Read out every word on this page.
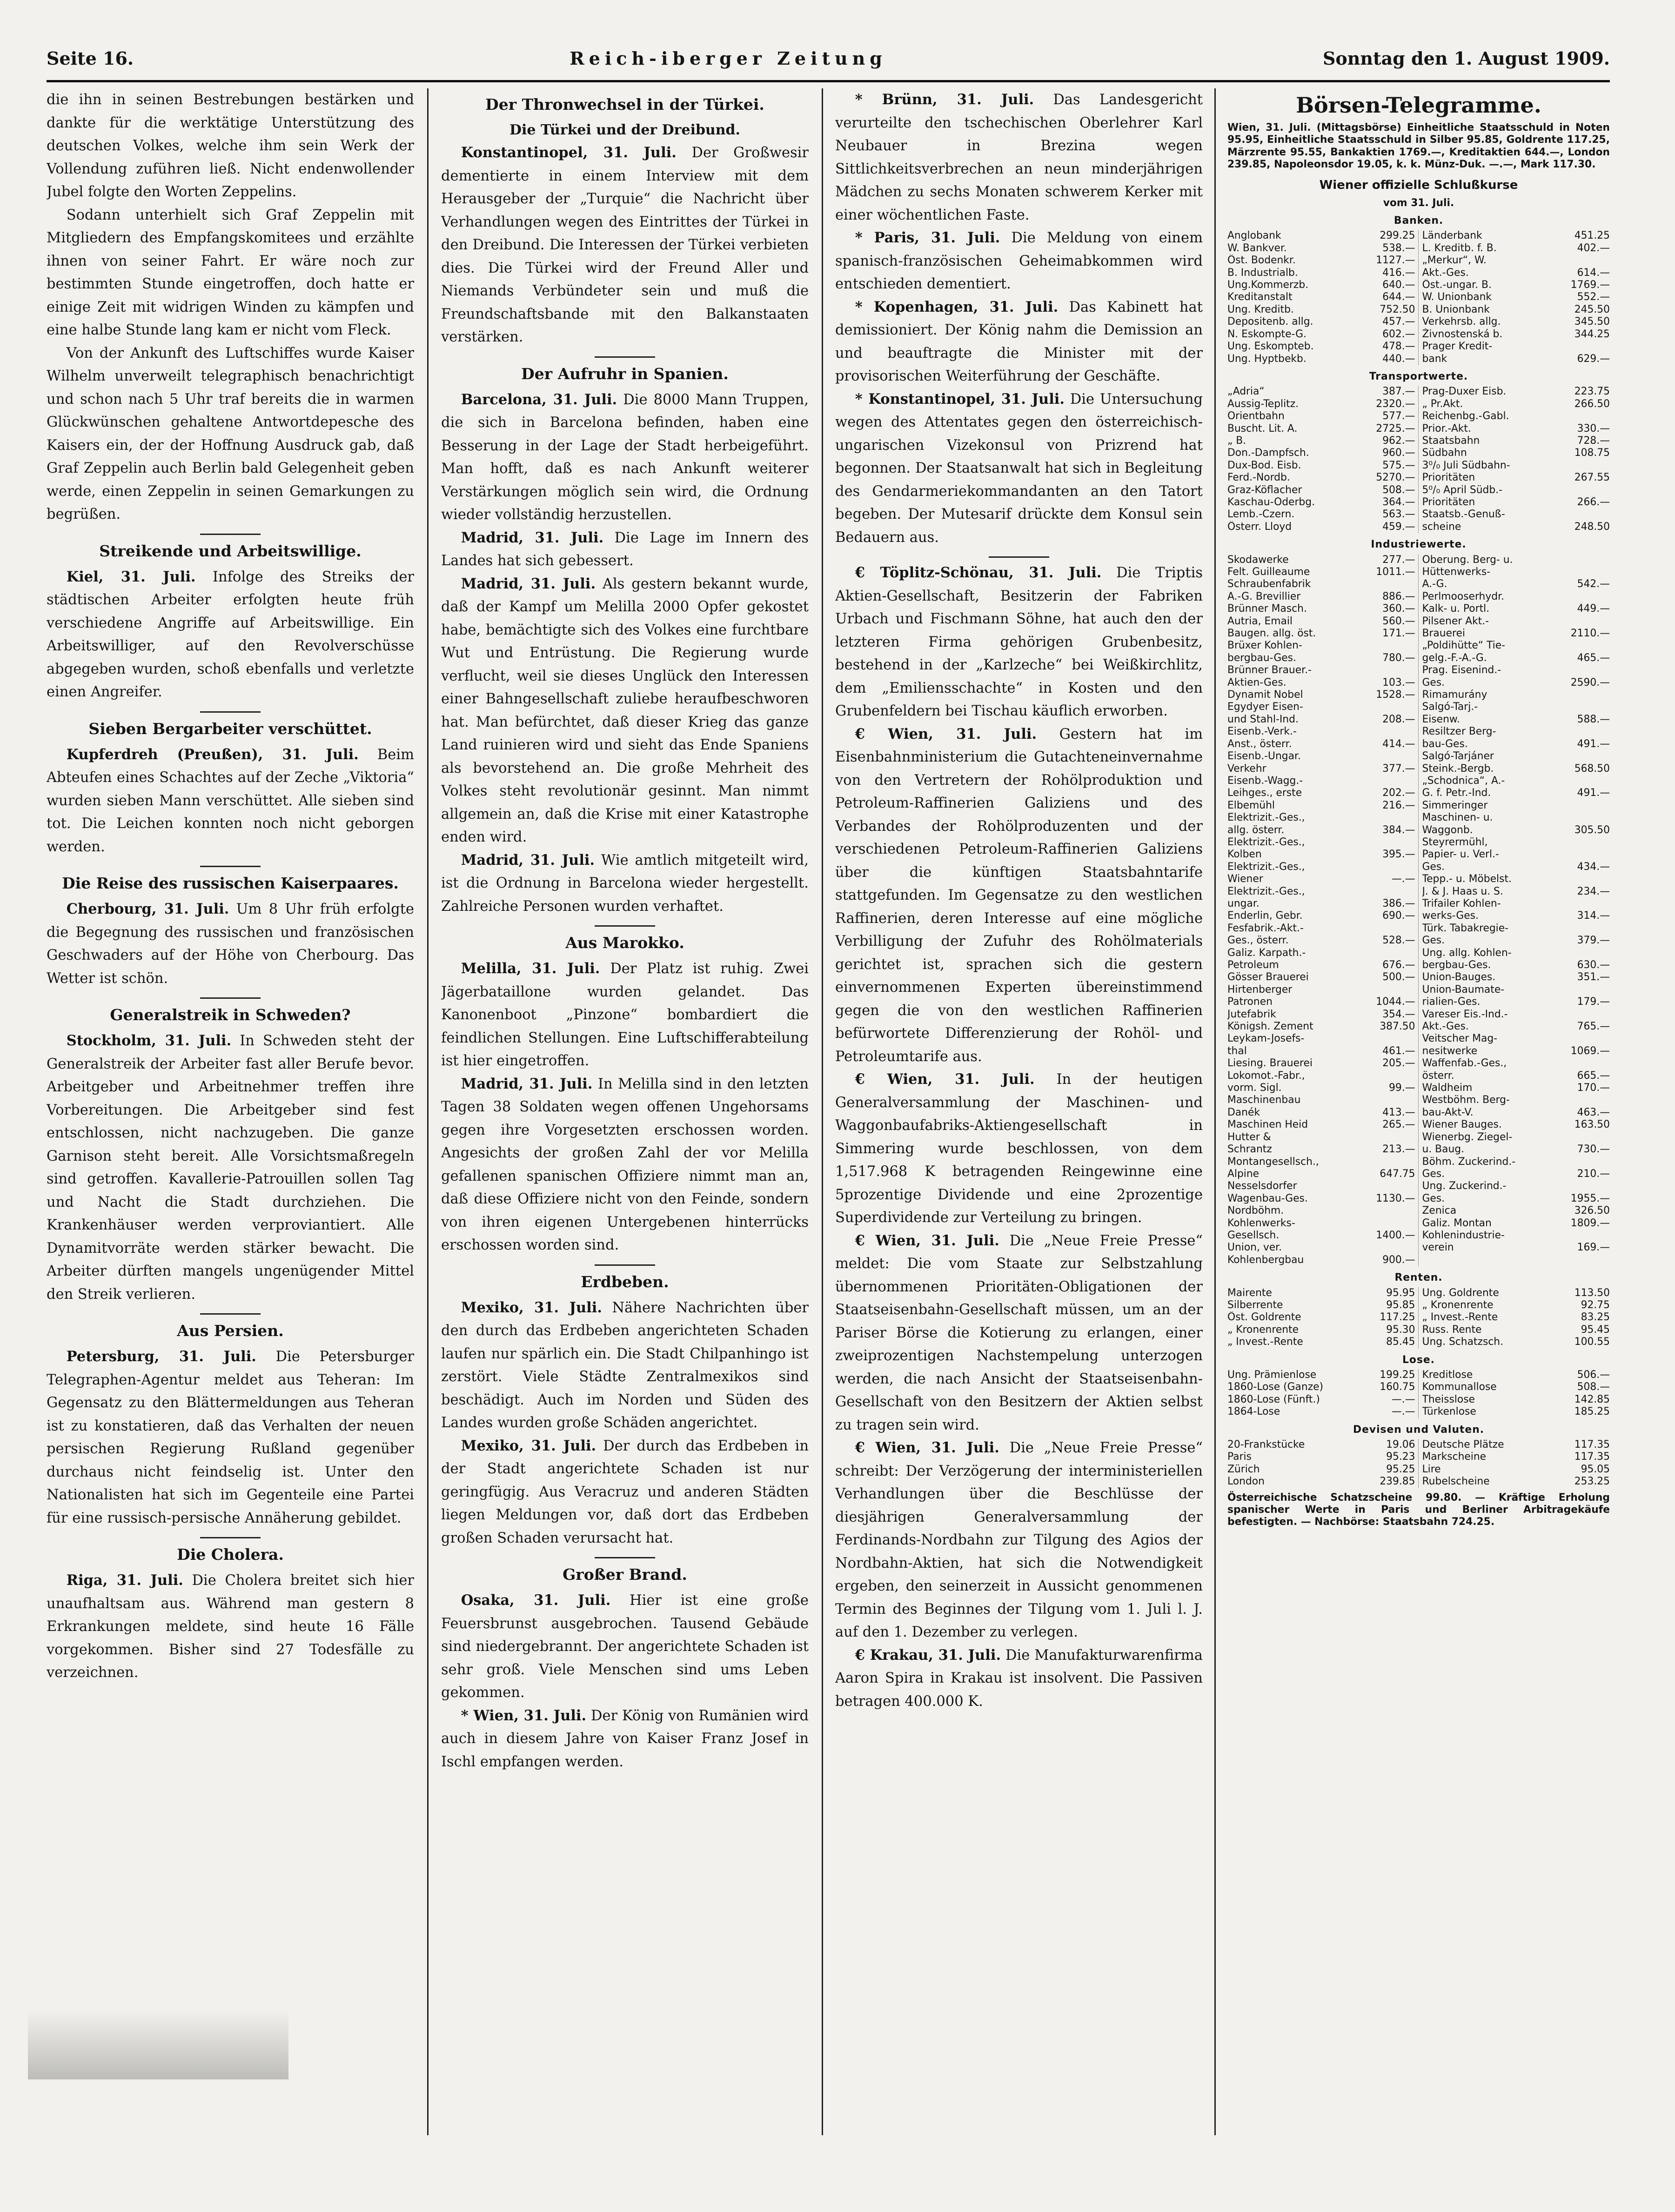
Seite 16.	Reich-iberger Zeitung	Sonntag den 1. August 1909.

die ihn in seinen Bestrebungen bestärken und dankte für die werktätige Unterstützung des deutschen Volkes, welche ihm sein Werk der Vollendung zuführen ließ. Nicht endenwollender Jubel folgte den Worten Zeppelins.

Sodann unterhielt sich Graf Zeppelin mit Mitgliedern des Empfangskomitees und erzählte ihnen von seiner Fahrt. Er wäre noch zur bestimmten Stunde eingetroffen, doch hatte er einige Zeit mit widrigen Winden zu kämpfen und eine halbe Stunde lang kam er nicht vom Fleck.

Von der Ankunft des Luftschiffes wurde Kaiser Wilhelm unverweilt telegraphisch benachrichtigt und schon nach 5 Uhr traf bereits die in warmen Glückwünschen gehaltene Antwortdepesche des Kaisers ein, der der Hoffnung Ausdruck gab, daß Graf Zeppelin auch Berlin bald Gelegenheit geben werde, einen Zeppelin in seinen Gemarkungen zu begrüßen.

Streikende und Arbeitswillige.

Kiel, 31. Juli. Infolge des Streiks der städtischen Arbeiter erfolgten heute früh verschiedene Angriffe auf Arbeitswillige. Ein Arbeitswilliger, auf den Revolverschüsse abgegeben wurden, schoß ebenfalls und verletzte einen Angreifer.

Sieben Bergarbeiter verschüttet.

Kupferdreh (Preußen), 31. Juli. Beim Abteufen eines Schachtes auf der Zeche „Viktoria“ wurden sieben Mann verschüttet. Alle sieben sind tot. Die Leichen konnten noch nicht geborgen werden.

Die Reise des russischen Kaiserpaares.

Cherbourg, 31. Juli. Um 8 Uhr früh erfolgte die Begegnung des russischen und französischen Geschwaders auf der Höhe von Cherbourg. Das Wetter ist schön.

Generalstreik in Schweden?

Stockholm, 31. Juli. In Schweden steht der Generalstreik der Arbeiter fast aller Berufe bevor. Arbeitgeber und Arbeitnehmer treffen ihre Vorbereitungen. Die Arbeitgeber sind fest entschlossen, nicht nachzugeben. Die ganze Garnison steht bereit. Alle Vorsichtsmaßregeln sind getroffen. Kavallerie-Patrouillen sollen Tag und Nacht die Stadt durchziehen. Die Krankenhäuser werden verproviantiert. Alle Dynamitvorräte werden stärker bewacht. Die Arbeiter dürften mangels ungenügender Mittel den Streik verlieren.

Aus Persien.

Petersburg, 31. Juli. Die Petersburger Telegraphen-Agentur meldet aus Teheran: Im Gegensatz zu den Blättermeldungen aus Teheran ist zu konstatieren, daß das Verhalten der neuen persischen Regierung Rußland gegenüber durchaus nicht feindselig ist. Unter den Nationalisten hat sich im Gegenteile eine Partei für eine russisch-persische Annäherung gebildet.

Die Cholera.

Riga, 31. Juli. Die Cholera breitet sich hier unaufhaltsam aus. Während man gestern 8 Erkrankungen meldete, sind heute 16 Fälle vorgekommen. Bisher sind 27 Todesfälle zu verzeichnen.

Der Thronwechsel in der Türkei.
Die Türkei und der Dreibund.

Konstantinopel, 31. Juli. Der Großwesir dementierte in einem Interview mit dem Herausgeber der „Turquie“ die Nachricht über Verhandlungen wegen des Eintrittes der Türkei in den Dreibund. Die Interessen der Türkei verbieten dies. Die Türkei wird der Freund Aller und Niemands Verbündeter sein und muß die Freundschaftsbande mit den Balkanstaaten verstärken.

Der Aufruhr in Spanien.

Barcelona, 31. Juli. Die 8000 Mann Truppen, die sich in Barcelona befinden, haben eine Besserung in der Lage der Stadt herbeigeführt. Man hofft, daß es nach Ankunft weiterer Verstärkungen möglich sein wird, die Ordnung wieder vollständig herzustellen.

Madrid, 31. Juli. Die Lage im Innern des Landes hat sich gebessert.

Madrid, 31. Juli. Als gestern bekannt wurde, daß der Kampf um Melilla 2000 Opfer gekostet habe, bemächtigte sich des Volkes eine furchtbare Wut und Entrüstung. Die Regierung wurde verflucht, weil sie dieses Unglück den Interessen einer Bahngesellschaft zuliebe heraufbeschworen hat. Man befürchtet, daß dieser Krieg das ganze Land ruinieren wird und sieht das Ende Spaniens als bevorstehend an. Die große Mehrheit des Volkes steht revolutionär gesinnt. Man nimmt allgemein an, daß die Krise mit einer Katastrophe enden wird.

Madrid, 31. Juli. Wie amtlich mitgeteilt wird, ist die Ordnung in Barcelona wieder hergestellt. Zahlreiche Personen wurden verhaftet.

Aus Marokko.

Melilla, 31. Juli. Der Platz ist ruhig. Zwei Jägerbataillone wurden gelandet. Das Kanonenboot „Pinzone“ bombardiert die feindlichen Stellungen. Eine Luftschifferabteilung ist hier eingetroffen.

Madrid, 31. Juli. In Melilla sind in den letzten Tagen 38 Soldaten wegen offenen Ungehorsams gegen ihre Vorgesetzten erschossen worden. Angesichts der großen Zahl der vor Melilla gefallenen spanischen Offiziere nimmt man an, daß diese Offiziere nicht von den Feinde, sondern von ihren eigenen Untergebenen hinterrücks erschossen worden sind.

Erdbeben.

Mexiko, 31. Juli. Nähere Nachrichten über den durch das Erdbeben angerichteten Schaden laufen nur spärlich ein. Die Stadt Chilpanhingo ist zerstört. Viele Städte Zentralmexikos sind beschädigt. Auch im Norden und Süden des Landes wurden große Schäden angerichtet.

Mexiko, 31. Juli. Der durch das Erdbeben in der Stadt angerichtete Schaden ist nur geringfügig. Aus Veracruz und anderen Städten liegen Meldungen vor, daß dort das Erdbeben großen Schaden verursacht hat.

Großer Brand.

Osaka, 31. Juli. Hier ist eine große Feuersbrunst ausgebrochen. Tausend Gebäude sind niedergebrannt. Der angerichtete Schaden ist sehr groß. Viele Menschen sind ums Leben gekommen.

* Wien, 31. Juli. Der König von Rumänien wird auch in diesem Jahre von Kaiser Franz Josef in Ischl empfangen werden.

* Brünn, 31. Juli. Das Landesgericht verurteilte den tschechischen Oberlehrer Karl Neubauer in Brezina wegen Sittlichkeitsverbrechen an neun minderjährigen Mädchen zu sechs Monaten schwerem Kerker mit einer wöchentlichen Faste.

* Paris, 31. Juli. Die Meldung von einem spanisch-französischen Geheimabkommen wird entschieden dementiert.

* Kopenhagen, 31. Juli. Das Kabinett hat demissioniert. Der König nahm die Demission an und beauftragte die Minister mit der provisorischen Weiterführung der Geschäfte.

* Konstantinopel, 31. Juli. Die Untersuchung wegen des Attentates gegen den österreichisch-ungarischen Vizekonsul von Prizrend hat begonnen. Der Staatsanwalt hat sich in Begleitung des Gendarmeriekommandanten an den Tatort begeben. Der Mutesarif drückte dem Konsul sein Bedauern aus.

€ Töplitz-Schönau, 31. Juli. Die Triptis Aktien-Gesellschaft, Besitzerin der Fabriken Urbach und Fischmann Söhne, hat auch den der letzteren Firma gehörigen Grubenbesitz, bestehend in der „Karlzeche“ bei Weißkirchlitz, dem „Emiliensschachte“ in Kosten und den Grubenfeldern bei Tischau käuflich erworben.

€ Wien, 31. Juli. Gestern hat im Eisenbahnministerium die Gutachteneinvernahme von den Vertretern der Rohölproduktion und Petroleum-Raffinerien Galiziens und des Verbandes der Rohölproduzenten und der verschiedenen Petroleum-Raffinerien Galiziens über die künftigen Staatsbahntarife stattgefunden. Im Gegensatze zu den westlichen Raffinerien, deren Interesse auf eine mögliche Verbilligung der Zufuhr des Rohölmaterials gerichtet ist, sprachen sich die gestern einvernommenen Experten übereinstimmend gegen die von den westlichen Raffinerien befürwortete Differenzierung der Rohöl- und Petroleumtarife aus.

€ Wien, 31. Juli. In der heutigen Generalversammlung der Maschinen- und Waggonbaufabriks-Aktiengesellschaft in Simmering wurde beschlossen, von dem 1,517.968 K betragenden Reingewinne eine 5prozentige Dividende und eine 2prozentige Superdividende zur Verteilung zu bringen.

€ Wien, 31. Juli. Die „Neue Freie Presse“ meldet: Die vom Staate zur Selbstzahlung übernommenen Prioritäten-Obligationen der Staatseisenbahn-Gesellschaft müssen, um an der Pariser Börse die Kotierung zu erlangen, einer zweiprozentigen Nachstempelung unterzogen werden, die nach Ansicht der Staatseisenbahn-Gesellschaft von den Besitzern der Aktien selbst zu tragen sein wird.

€ Wien, 31. Juli. Die „Neue Freie Presse“ schreibt: Der Verzögerung der interministeriellen Verhandlungen über die Beschlüsse der diesjährigen Generalversammlung der Ferdinands-Nordbahn zur Tilgung des Agios der Nordbahn-Aktien, hat sich die Notwendigkeit ergeben, den seinerzeit in Aussicht genommenen Termin des Beginnes der Tilgung vom 1. Juli l. J. auf den 1. Dezember zu verlegen.

€ Krakau, 31. Juli. Die Manufakturwarenfirma Aaron Spira in Krakau ist insolvent. Die Passiven betragen 400.000 K.

Börsen-Telegramme.

Wien, 31. Juli. (Mittagsbörse) Einheitliche Staatsschuld in Noten 95.95, Einheitliche Staatsschuld in Silber 95.85, Goldrente 117.25, Märzrente 95.55, Bankaktien 1769.—, Kreditaktien 644.—, London 239.85, Napoleonsdor 19.05, k. k. Münz-Duk. —.—, Mark 117.30.

Wiener offizielle Schlußkurse
vom 31. Juli.
Banken.
Anglobank	299.25
W. Bankver.	538.—
Öst. Bodenkr.	1127.—
B. Industrialb.	416.—
Ung.Kommerzb.	640.—
Kreditanstalt	644.—
Ung. Kreditb.	752.50
Depositenb. allg.	457.—
N. Eskompte-G.	602.—
Ung. Eskompteb.	478.—
Ung. Hyptbekb.	440.—
Länderbank	451.25
L. Kreditb. f. B.	402.—
„Merkur“, W.	
Akt.-Ges.	614.—
Öst.-ungar. B.	1769.—
W. Unionbank	552.—
B. Unionbank	245.50
Verkehrsb. allg.	345.50
Živnostenská b.	344.25
Prager Kredit-	
bank	629.—
Transportwerte.
„Adria“	387.—
Aussig-Teplitz.	2320.—
Orientbahn	577.—
Buscht. Lit. A.	2725.—
„ B.	962.—
Don.-Dampfsch.	960.—
Dux-Bod. Eisb.	575.—
Ferd.-Nordb.	5270.—
Graz-Köflacher	508.—
Kaschau-Oderbg.	364.—
Lemb.-Czern.	563.—
Österr. Lloyd	459.—
Prag-Duxer Eisb.	223.75
„ Pr.Akt.	266.50
Reichenbg.-Gabl.	
Prior.-Akt.	330.—
Staatsbahn	728.—
Südbahn	108.75
3⁰/₀ Juli Südbahn-	
Prioritäten	267.55
5⁰/₀ April Südb.-	
Prioritäten	266.—
Staatsb.-Genuß-	
scheine	248.50
Industriewerte.
Skodawerke	277.—
Felt. Guilleaume	1011.—
Schraubenfabrik	
A.-G. Brevillier	886.—
Brünner Masch.	360.—
Autria, Email	560.—
Baugen. allg. öst.	171.—
Brüxer Kohlen-	
bergbau-Ges.	780.—
Brünner Brauer.-	
Aktien-Ges.	103.—
Dynamit Nobel	1528.—
Egydyer Eisen-	
und Stahl-Ind.	208.—
Eisenb.-Verk.-	
Anst., österr.	414.—
Eisenb.-Ungar.	
Verkehr	377.—
Eisenb.-Wagg.-	
Leihges., erste	202.—
Elbemühl	216.—
Elektrizit.-Ges.,	
allg. österr.	384.—
Elektrizit.-Ges.,	
Kolben	395.—
Elektrizit.-Ges.,	
Wiener	—.—
Elektrizit.-Ges.,	
ungar.	386.—
Enderlin, Gebr.	690.—
Fesfabrik.-Akt.-	
Ges., österr.	528.—
Galiz. Karpath.-	
Petroleum	676.—
Gösser Brauerei	500.—
Hirtenberger	
Patronen	1044.—
Jutefabrik	354.—
Königsh. Zement	387.50
Leykam-Josefs-	
thal	461.—
Liesing. Brauerei	205.—
Lokomot.-Fabr.,	
vorm. Sigl.	99.—
Maschinenbau	
Danék	413.—
Maschinen Heid	265.—
Hutter &	
Schrantz	213.—
Montangesellsch.,	
Alpine	647.75
Nesselsdorfer	
Wagenbau-Ges.	1130.—
Nordböhm.	
Kohlenwerks-	
Gesellsch.	1400.—
Union, ver.	
Kohlenbergbau	900.—
Oberung. Berg- u.	
Hüttenwerks-	
A.-G.	542.—
Perlmooserhydr.	
Kalk- u. Portl.	449.—
Pilsener Akt.-	
Brauerei	2110.—
„Poldihütte“ Tie-	
gelg.-F.-A.-G.	465.—
Prag. Eisenind.-	
Ges.	2590.—
Rimamurány	
Salgó-Tarj.-	
Eisenw.	588.—
Resiltzer Berg-	
bau-Ges.	491.—
Salgó-Tarjáner	
Steink.-Bergb.	568.50
„Schodnica“, A.-	
G. f. Petr.-Ind.	491.—
Simmeringer	
Maschinen- u.	
Waggonb.	305.50
Steyrermühl,	
Papier- u. Verl.-	
Ges.	434.—
Tepp.- u. Möbelst.	
J. & J. Haas u. S.	234.—
Trifailer Kohlen-	
werks-Ges.	314.—
Türk. Tabakregie-	
Ges.	379.—
Ung. allg. Kohlen-	
bergbau-Ges.	630.—
Union-Bauges.	351.—
Union-Baumate-	
rialien-Ges.	179.—
Vareser Eis.-Ind.-	
Akt.-Ges.	765.—
Veitscher Mag-	
nesitwerke	1069.—
Waffenfab.-Ges.,	
österr.	665.—
Waldheim	170.—
Westböhm. Berg-	
bau-Akt-V.	463.—
Wiener Bauges.	163.50
Wienerbg. Ziegel-	
u. Baug.	730.—
Böhm. Zuckerind.-	
Ges.	210.—
Ung. Zuckerind.-	
Ges.	1955.—
Zenica	326.50
Galiz. Montan	1809.—
Kohlenindustrie-	
verein	169.—
Renten.
Mairente	95.95
Silberrente	95.85
Öst. Goldrente	117.25
„ Kronenrente	95.30
„ Invest.-Rente	85.45
Ung. Goldrente	113.50
„ Kronenrente	92.75
„ Invest.-Rente	83.25
Russ. Rente	95.45
Ung. Schatzsch.	100.55
Lose.
Ung. Prämienlose	199.25
1860-Lose (Ganze)	160.75
1860-Lose (Fünft.)	—.—
1864-Lose	—.—
Kreditlose	506.—
Kommunallose	508.—
Theisslose	142.85
Türkenlose	185.25
Devisen und Valuten.
20-Frankstücke	19.06
Paris	95.23
Zürich	95.25
London	239.85
Deutsche Plätze	117.35
Markscheine	117.35
Lire	95.05
Rubelscheine	253.25

Österreichische Schatzscheine 99.80. — Kräftige Erholung spanischer Werte in Paris und Berliner Arbitragekäufe befestigten. — Nachbörse: Staatsbahn 724.25.
